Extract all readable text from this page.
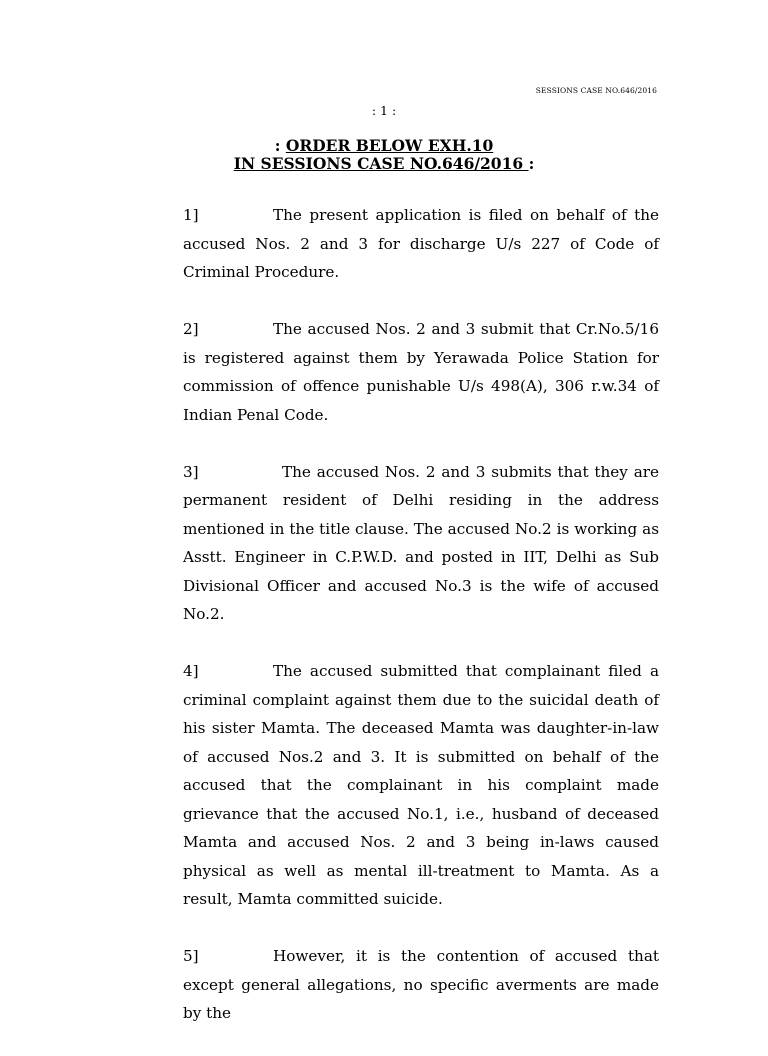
SESSIONS CASE NO.646/2016
: 1 :
: ORDER BELOW EXH.10
IN SESSIONS CASE NO.646/2016 :

1]	The present application is filed on behalf of the accused Nos. 2 and 3 for discharge U/s 227 of Code of Criminal Procedure.

2]	The accused Nos. 2 and 3 submit that Cr.No.5/16 is registered against them by Yerawada Police Station for commission of offence punishable U/s 498(A), 306 r.w.34 of Indian Penal Code.

3]	The accused Nos. 2 and 3 submits that they are permanent resident of Delhi residing in the address mentioned in the title clause. The accused No.2 is working as Asstt. Engineer in C.P.W.D. and posted in IIT, Delhi as Sub Divisional Officer and accused No.3 is the wife of accused No.2.

4]	The accused submitted that complainant filed a criminal complaint against them due to the suicidal death of his sister Mamta. The deceased Mamta was daughter-in-law of accused Nos.2 and 3. It is submitted on behalf of the accused that the complainant in his complaint made grievance that the accused No.1, i.e., husband of deceased Mamta and accused Nos. 2 and 3 being in-laws caused physical as well as mental ill-treatment to Mamta. As a result, Mamta committed suicide.

5]	However, it is the contention of accused that except general allegations, no specific averments are made by the
